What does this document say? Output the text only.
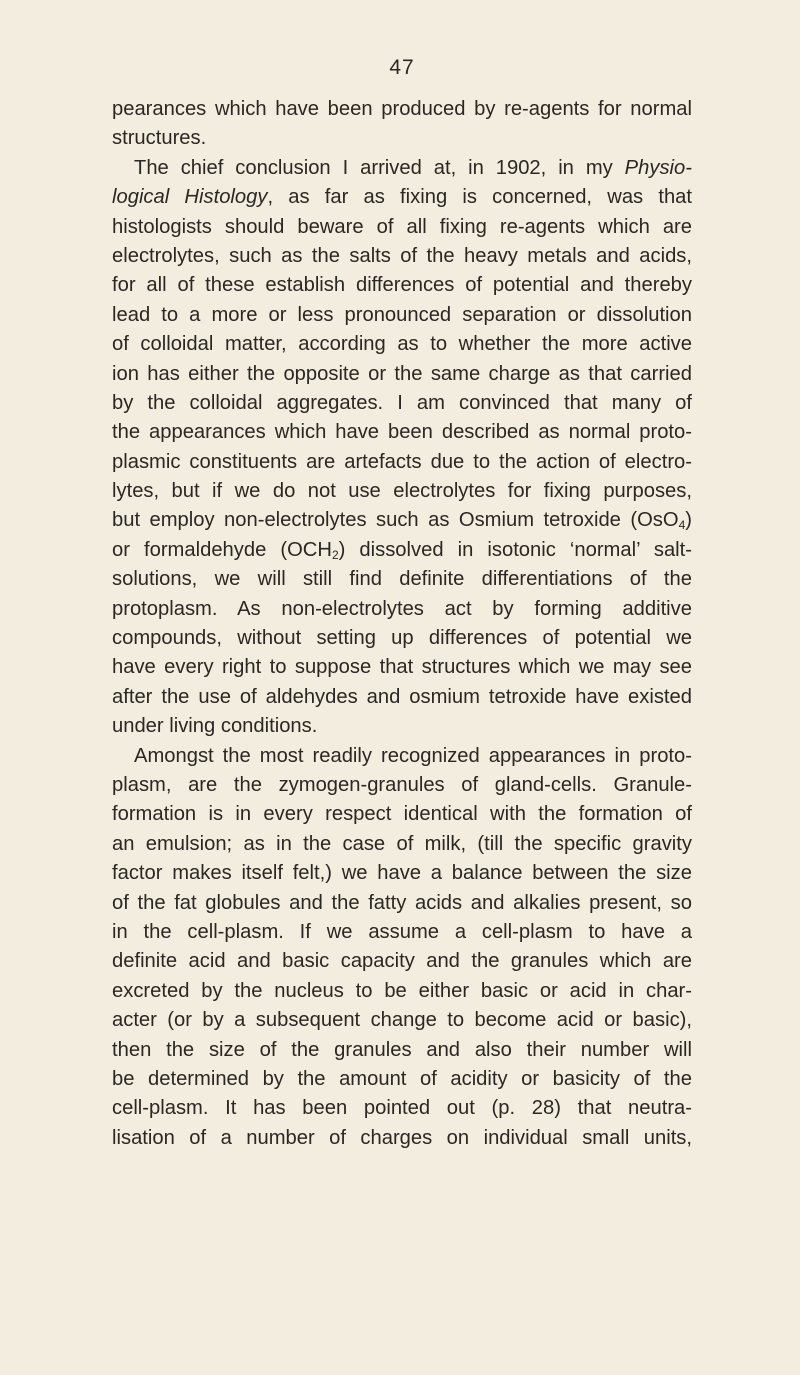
47
pearances which have been produced by re-agents for normal
structures.
The chief conclusion I arrived at, in 1902, in my Physio-
logical Histology, as far as fixing is concerned, was that
histologists should beware of all fixing re-agents which are
electrolytes, such as the salts of the heavy metals and acids,
for all of these establish differences of potential and thereby
lead to a more or less pronounced separation or dissolution
of colloidal matter, according as to whether the more active
ion has either the opposite or the same charge as that carried
by the colloidal aggregates. I am convinced that many of
the appearances which have been described as normal proto-
plasmic constituents are artefacts due to the action of electro-
lytes, but if we do not use electrolytes for fixing purposes,
but employ non-electrolytes such as Osmium tetroxide (OsO$_4$)
or formaldehyde $(OCH_2)$ dissolved in isotonic ‘normal’ salt-
solutions, we will still find definite differentiations of the
protoplasm. As non-electrolytes act by forming additive
compounds, without setting up differences of potential we
have every right to suppose that structures which we may see
after the use of aldehydes and osmium tetroxide have existed
under living conditions.
Amongst the most readily recognized appearances in proto-
plasm, are the zymogen-granules of gland-cells. Granule-
formation is in every respect identical with the formation of
an emulsion; as in the case of milk, (till the specific gravity
factor makes itself felt,) we have a balance between the size
of the fat globules and the fatty acids and alkalies present, so
in the cell-plasm. If we assume a cell-plasm to have a
definite acid and basic capacity and the granules which are
excreted by the nucleus to be either basic or acid in char-
acter (or by a subsequent change to become acid or basic),
then the size of the granules and also their number will
be determined by the amount of acidity or basicity of the
cell-plasm. It has been pointed out (p. 28) that neutra-
lisation of a number of charges on individual small units,
